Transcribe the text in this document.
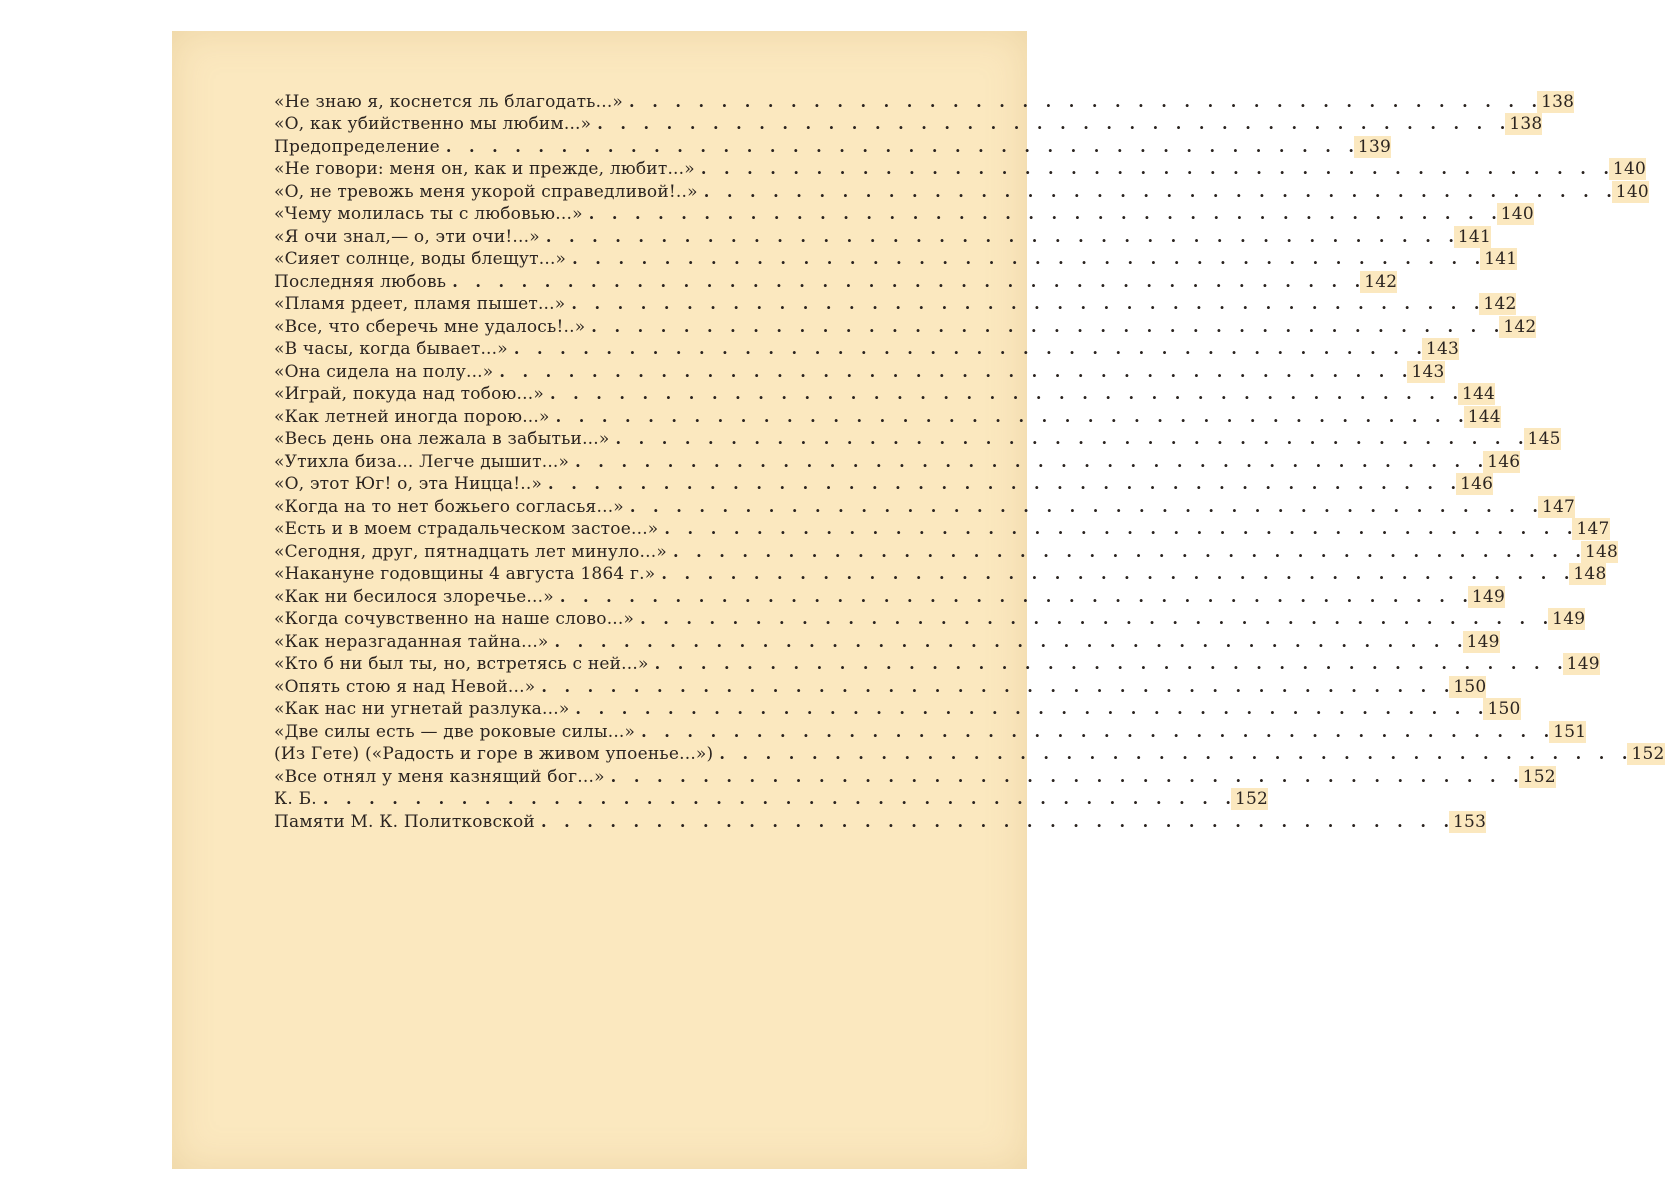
«Не знаю я, коснется ль благодать...» . . . . . . . . . . . . . . . . . . . . . . . . . . . . . . . . . . . . . . . . 138
«О, как убийственно мы любим...» . . . . . . . . . . . . . . . . . . . . . . . . . . . . . . . . . . . . . . . . 138
Предопределение . . . . . . . . . . . . . . . . . . . . . . . . . . . . . . . . . . . . . . . . 139
«Не говори: меня он, как и прежде, любит...» . . . . . . . . . . . . . . . . . . . . . . . . . . . . . . . . . . . . . . . . 140
«О, не тревожь меня укорой справедливой!..» . . . . . . . . . . . . . . . . . . . . . . . . . . . . . . . . . . . . . . . . 140
«Чему молилась ты с любовью...» . . . . . . . . . . . . . . . . . . . . . . . . . . . . . . . . . . . . . . . . 140
«Я очи знал,— о, эти очи!...» . . . . . . . . . . . . . . . . . . . . . . . . . . . . . . . . . . . . . . . . 141
«Сияет солнце, воды блещут...» . . . . . . . . . . . . . . . . . . . . . . . . . . . . . . . . . . . . . . . . 141
Последняя любовь . . . . . . . . . . . . . . . . . . . . . . . . . . . . . . . . . . . . . . . . 142
«Пламя рдеет, пламя пышет...» . . . . . . . . . . . . . . . . . . . . . . . . . . . . . . . . . . . . . . . . 142
«Все, что сберечь мне удалось!..» . . . . . . . . . . . . . . . . . . . . . . . . . . . . . . . . . . . . . . . . 142
«В часы, когда бывает...» . . . . . . . . . . . . . . . . . . . . . . . . . . . . . . . . . . . . . . . . 143
«Она сидела на полу...» . . . . . . . . . . . . . . . . . . . . . . . . . . . . . . . . . . . . . . . . 143
«Играй, покуда над тобою...» . . . . . . . . . . . . . . . . . . . . . . . . . . . . . . . . . . . . . . . . 144
«Как летней иногда порою...» . . . . . . . . . . . . . . . . . . . . . . . . . . . . . . . . . . . . . . . . 144
«Весь день она лежала в забытьи...» . . . . . . . . . . . . . . . . . . . . . . . . . . . . . . . . . . . . . . . . 145
«Утихла биза... Легче дышит...» . . . . . . . . . . . . . . . . . . . . . . . . . . . . . . . . . . . . . . . . 146
«О, этот Юг! о, эта Ницца!..» . . . . . . . . . . . . . . . . . . . . . . . . . . . . . . . . . . . . . . . . 146
«Когда на то нет божьего согласья...» . . . . . . . . . . . . . . . . . . . . . . . . . . . . . . . . . . . . . . . . 147
«Есть и в моем страдальческом застое...» . . . . . . . . . . . . . . . . . . . . . . . . . . . . . . . . . . . . . . . . 147
«Сегодня, друг, пятнадцать лет минуло...» . . . . . . . . . . . . . . . . . . . . . . . . . . . . . . . . . . . . . . . . 148
«Накануне годовщины 4 августа 1864 г.» . . . . . . . . . . . . . . . . . . . . . . . . . . . . . . . . . . . . . . . . 148
«Как ни бесилося злоречье...» . . . . . . . . . . . . . . . . . . . . . . . . . . . . . . . . . . . . . . . . 149
«Когда сочувственно на наше слово...» . . . . . . . . . . . . . . . . . . . . . . . . . . . . . . . . . . . . . . . . 149
«Как неразгаданная тайна...» . . . . . . . . . . . . . . . . . . . . . . . . . . . . . . . . . . . . . . . . 149
«Кто б ни был ты, но, встретясь с ней...» . . . . . . . . . . . . . . . . . . . . . . . . . . . . . . . . . . . . . . . . 149
«Опять стою я над Невой...» . . . . . . . . . . . . . . . . . . . . . . . . . . . . . . . . . . . . . . . . 150
«Как нас ни угнетай разлука...» . . . . . . . . . . . . . . . . . . . . . . . . . . . . . . . . . . . . . . . . 150
«Две силы есть — две роковые силы...» . . . . . . . . . . . . . . . . . . . . . . . . . . . . . . . . . . . . . . . . 151
(Из Гете) («Радость и горе в живом упоенье...») . . . . . . . . . . . . . . . . . . . . . . . . . . . . . . . . . . . . . . . . 152
«Все отнял у меня казнящий бог...» . . . . . . . . . . . . . . . . . . . . . . . . . . . . . . . . . . . . . . . . 152
К. Б. . . . . . . . . . . . . . . . . . . . . . . . . . . . . . . . . . . . . . . . . 152
Памяти М. К. Политковской . . . . . . . . . . . . . . . . . . . . . . . . . . . . . . . . . . . . . . . . 153
